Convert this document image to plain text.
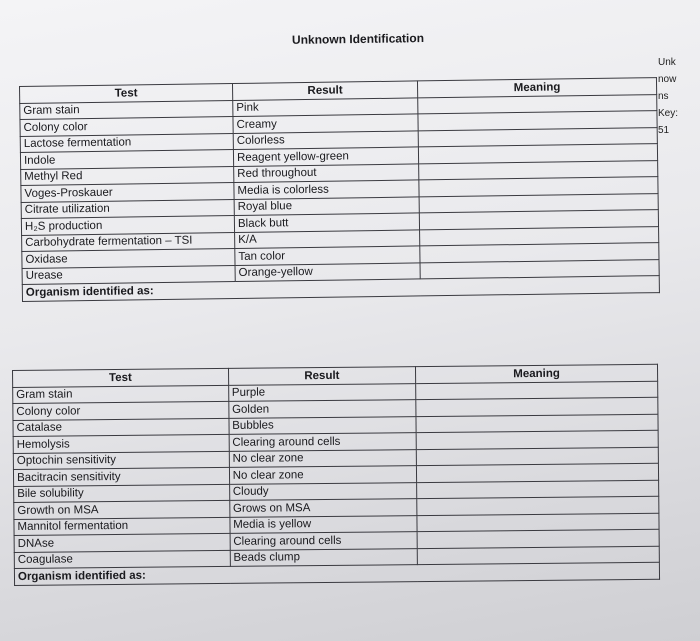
Unknown Identification
Unk
now
ns
Key:
51
Test	Result	Meaning
Gram stain	Pink	
Colony color	Creamy	
Lactose fermentation	Colorless	
Indole	Reagent yellow-green	
Methyl Red	Red throughout	
Voges-Proskauer	Media is colorless	
Citrate utilization	Royal blue	
H₂S production	Black butt	
Carbohydrate fermentation – TSI	K/A	
Oxidase	Tan color	
Urease	Orange-yellow	
Organism identified as:		
Test	Result	Meaning
Gram stain	Purple	
Colony color	Golden	
Catalase	Bubbles	
Hemolysis	Clearing around cells	
Optochin sensitivity	No clear zone	
Bacitracin sensitivity	No clear zone	
Bile solubility	Cloudy	
Growth on MSA	Grows on MSA	
Mannitol fermentation	Media is yellow	
DNAse	Clearing around cells	
Coagulase	Beads clump	
Organism identified as:		
